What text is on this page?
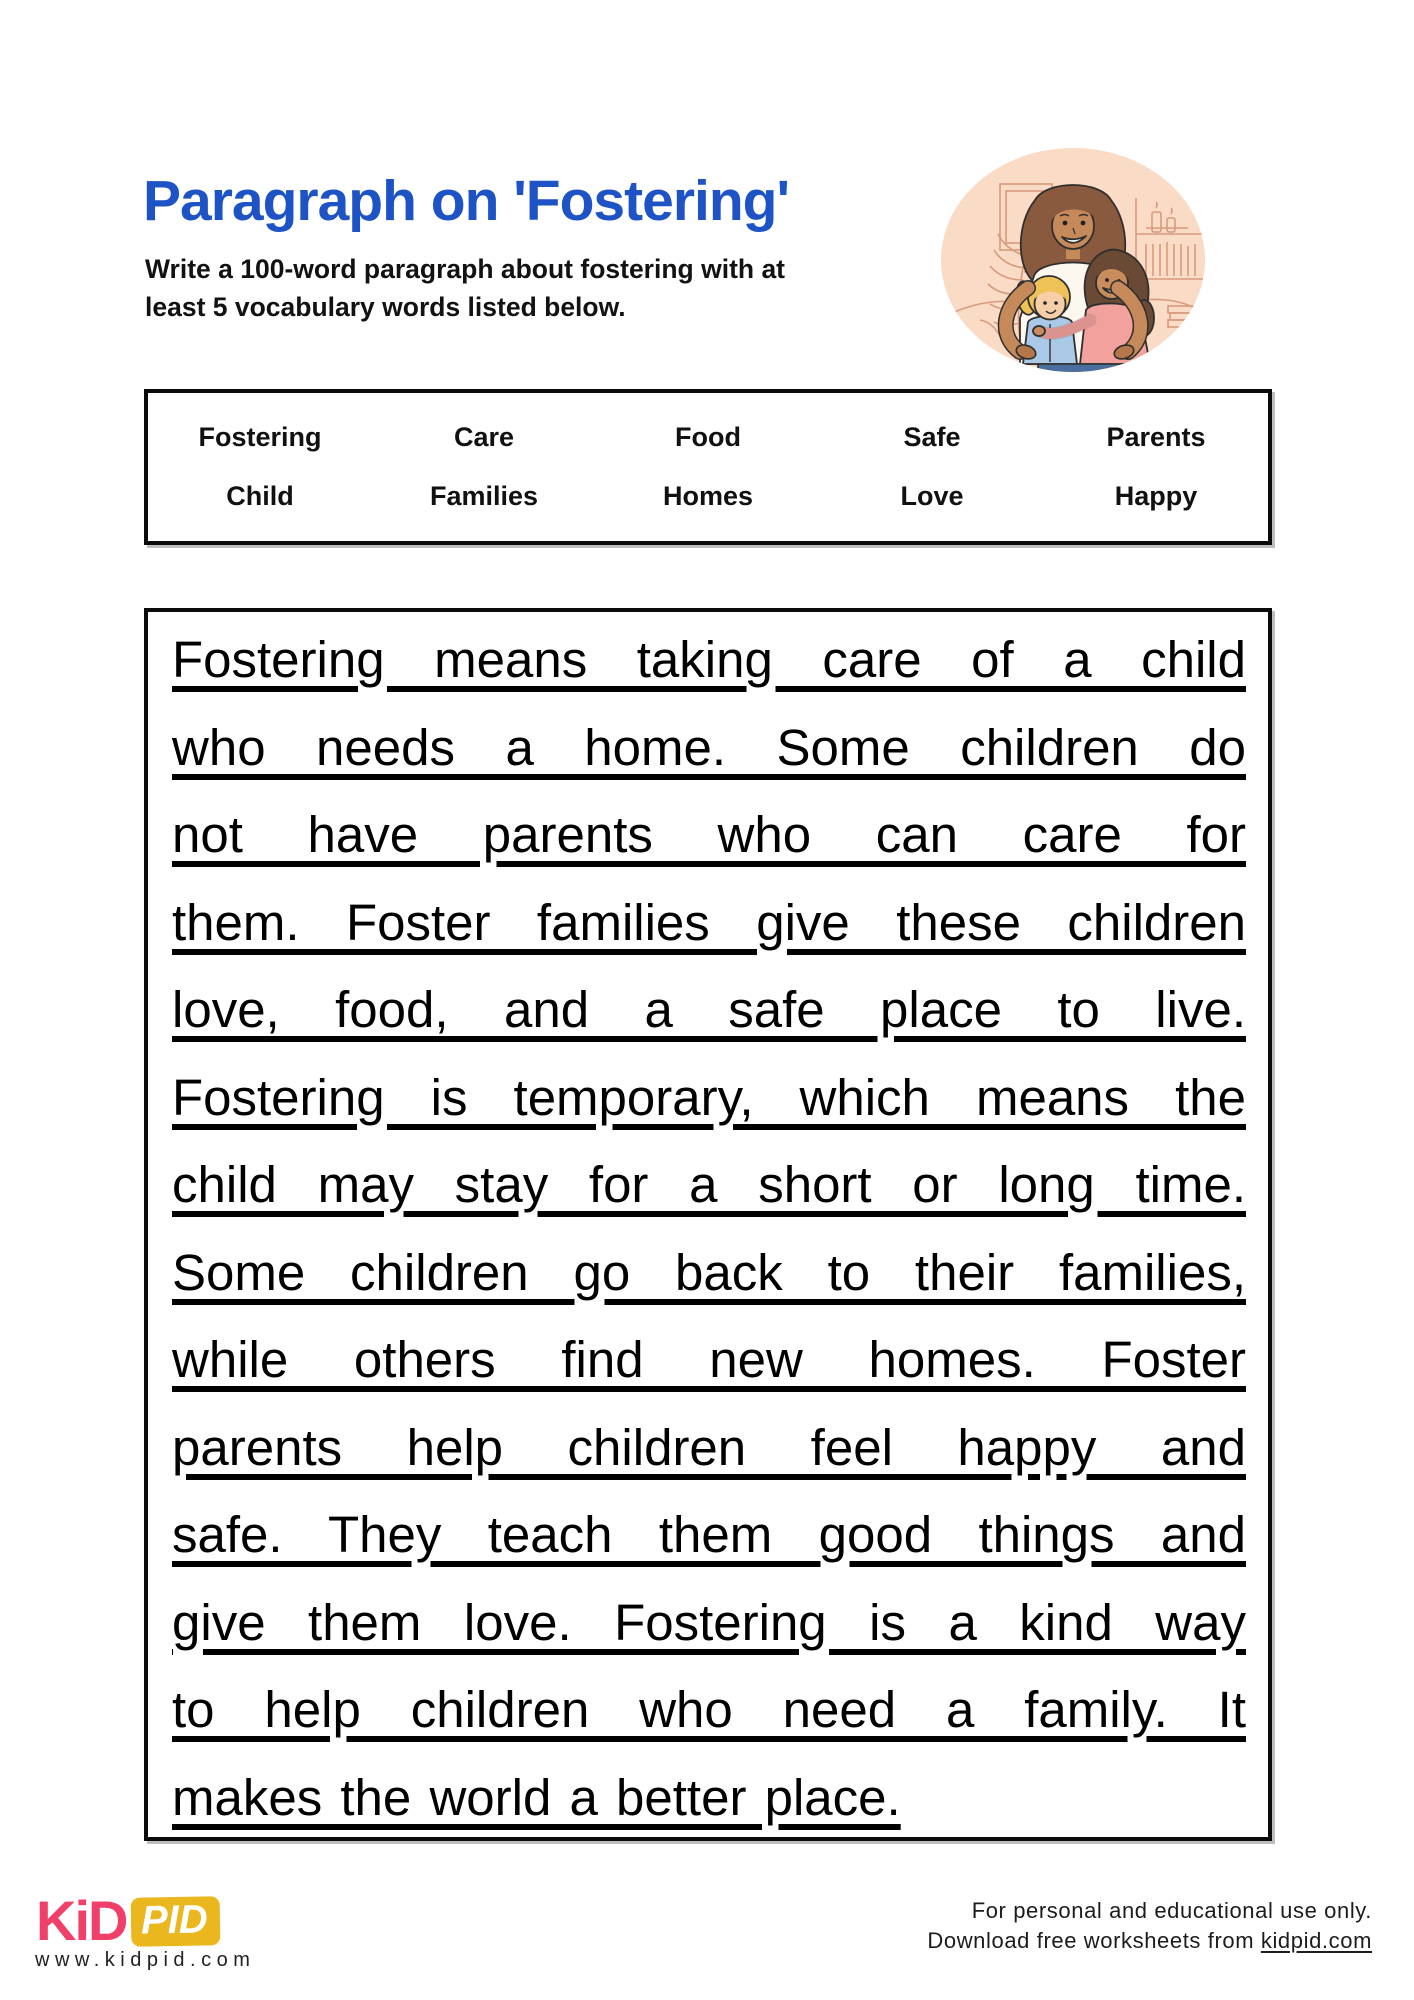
Paragraph on 'Fostering'
Write a 100-word paragraph about fostering with at
least 5 vocabulary words listed below.
Fostering	Care	Food	Safe	Parents
Child	Families	Homes	Love	Happy
Fostering means taking care of a child
who needs a home. Some children do
not have parents who can care for
them. Foster families give these children
love, food, and a safe place to live.
Fostering is temporary, which means the
child may stay for a short or long time.
Some children go back to their families,
while others find new homes. Foster
parents help children feel happy and
safe. They teach them good things and
give them love. Fostering is a kind way
to help children who need a family. It
makes the world a better place.
KiD PID
www.kidpid.com
For personal and educational use only.
Download free worksheets from kidpid.com
